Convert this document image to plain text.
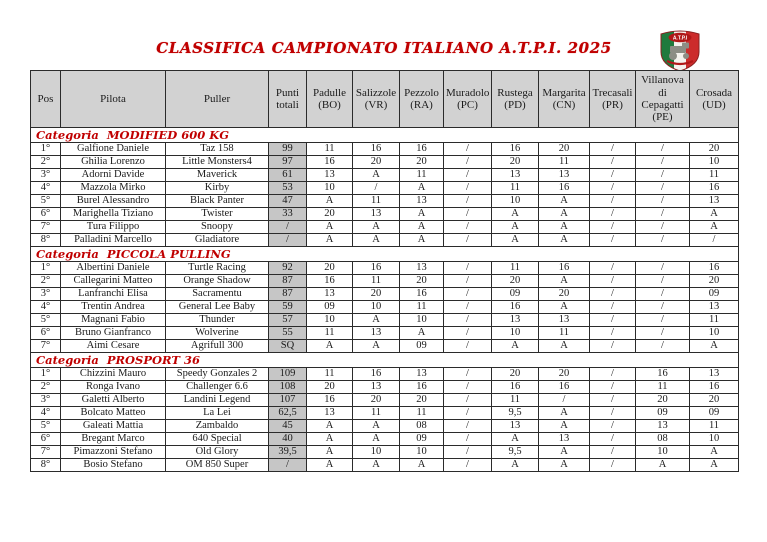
CLASSIFICA CAMPIONATO ITALIANO A.T.P.I. 2025
A.T.P.I
Pos	Pilota	Puller	Punti totali	Padulle (BO)	Salizzole (VR)	Pezzolo (RA)	Muradolo (PC)	Rustega (PD)	Margarita (CN)	Trecasali (PR)	Villanova di Cepagatti (PE)	Crosada (UD)
Categoria  MODIFIED 600 KG												
1°	Galfione Daniele	Taz 158	99	11	16	16	/	16	20	/	/	20
2°	Ghilia Lorenzo	Little Monsters4	97	16	20	20	/	20	11	/	/	10
3°	Adorni Davide	Maverick	61	13	A	11	/	13	13	/	/	11
4°	Mazzola Mirko	Kirby	53	10	/	A	/	11	16	/	/	16
5°	Burel Alessandro	Black Panter	47	A	11	13	/	10	A	/	/	13
6°	Marighella Tiziano	Twister	33	20	13	A	/	A	A	/	/	A
7°	Tura Filippo	Snoopy	/	A	A	A	/	A	A	/	/	A
8°	Palladini Marcello	Gladiatore	/	A	A	A	/	A	A	/	/	/
Categoria  PICCOLA PULLING												
1°	Albertini Daniele	Turtle Racing	92	20	16	13	/	11	16	/	/	16
2°	Callegarini Matteo	Orange Shadow	87	16	11	20	/	20	A	/	/	20
3°	Lanfranchi Elisa	Sacramentu	87	13	20	16	/	09	20	/	/	09
4°	Trentin Andrea	General Lee Baby	59	09	10	11	/	16	A	/	/	13
5°	Magnani Fabio	Thunder	57	10	A	10	/	13	13	/	/	11
6°	Bruno Gianfranco	Wolverine	55	11	13	A	/	10	11	/	/	10
7°	Aimi Cesare	Agrifull 300	SQ	A	A	09	/	A	A	/	/	A
Categoria  PROSPORT 36												
1°	Chizzini Mauro	Speedy Gonzales 2	109	11	16	13	/	20	20	/	16	13
2°	Ronga Ivano	Challenger 6.6	108	20	13	16	/	16	16	/	11	16
3°	Galetti Alberto	Landini Legend	107	16	20	20	/	11	/	/	20	20
4°	Bolcato Matteo	La Lei	62,5	13	11	11	/	9,5	A	/	09	09
5°	Galeati Mattia	Zambaldo	45	A	A	08	/	13	A	/	13	11
6°	Bregant Marco	640 Special	40	A	A	09	/	A	13	/	08	10
7°	Pimazzoni Stefano	Old Glory	39,5	A	10	10	/	9,5	A	/	10	A
8°	Bosio Stefano	OM 850 Super	/	A	A	A	/	A	A	/	A	A
